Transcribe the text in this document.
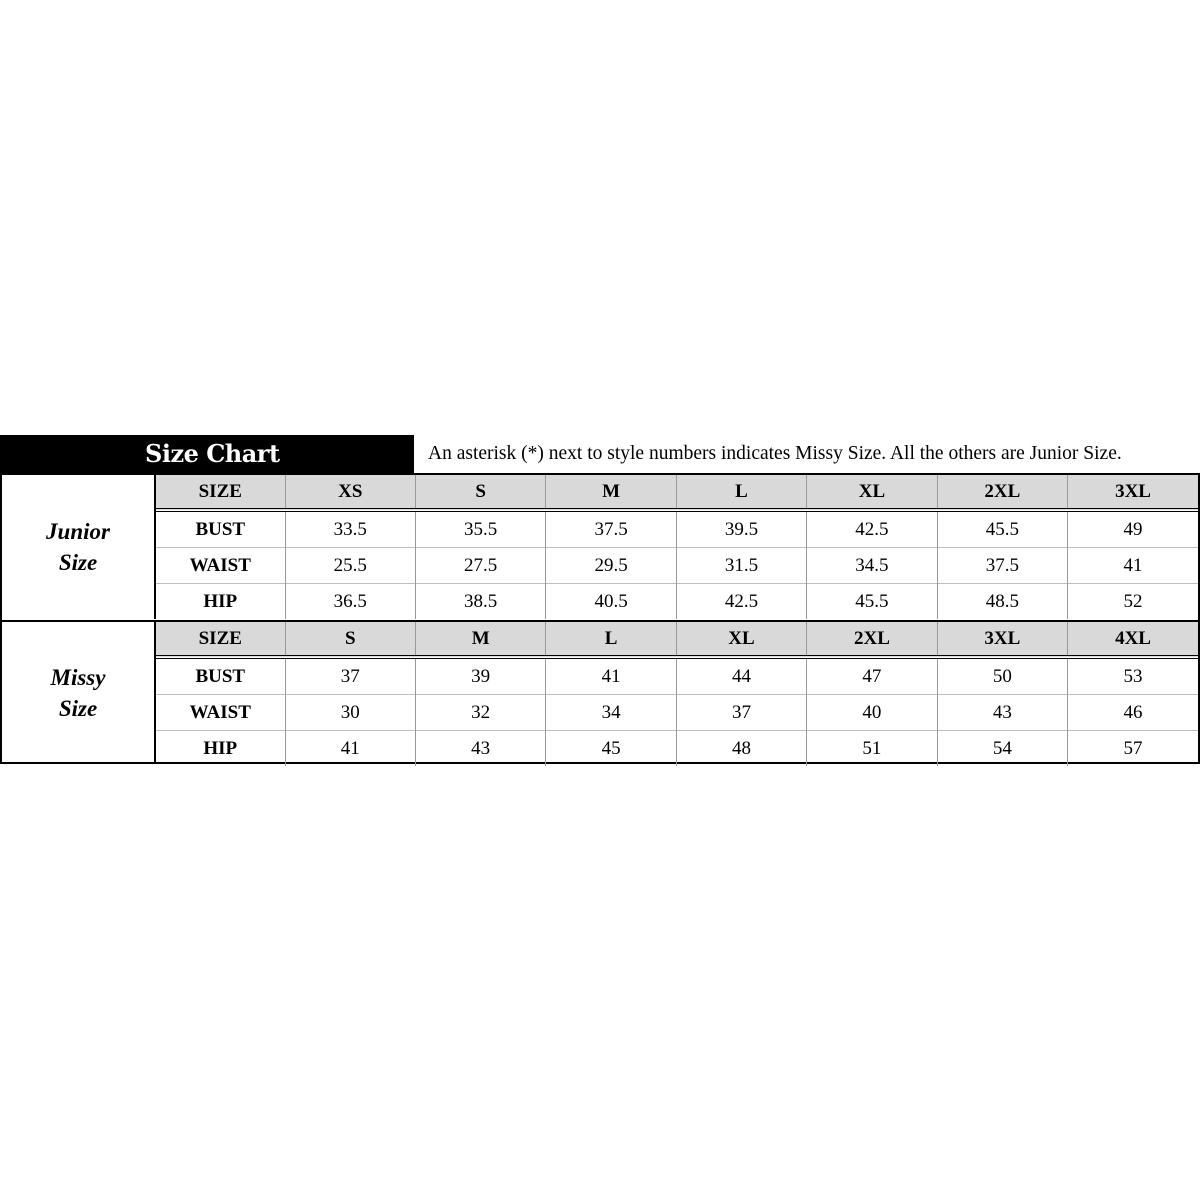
Size Chart	An asterisk (*) next to style numbers indicates Missy Size. All the others are Junior Size.
Junior
Size
SIZE	XS	S	M	L	XL	2XL	3XL
BUST	33.5	35.5	37.5	39.5	42.5	45.5	49
WAIST	25.5	27.5	29.5	31.5	34.5	37.5	41
HIP	36.5	38.5	40.5	42.5	45.5	48.5	52
Missy
Size
SIZE	S	M	L	XL	2XL	3XL	4XL
BUST	37	39	41	44	47	50	53
WAIST	30	32	34	37	40	43	46
HIP	41	43	45	48	51	54	57
